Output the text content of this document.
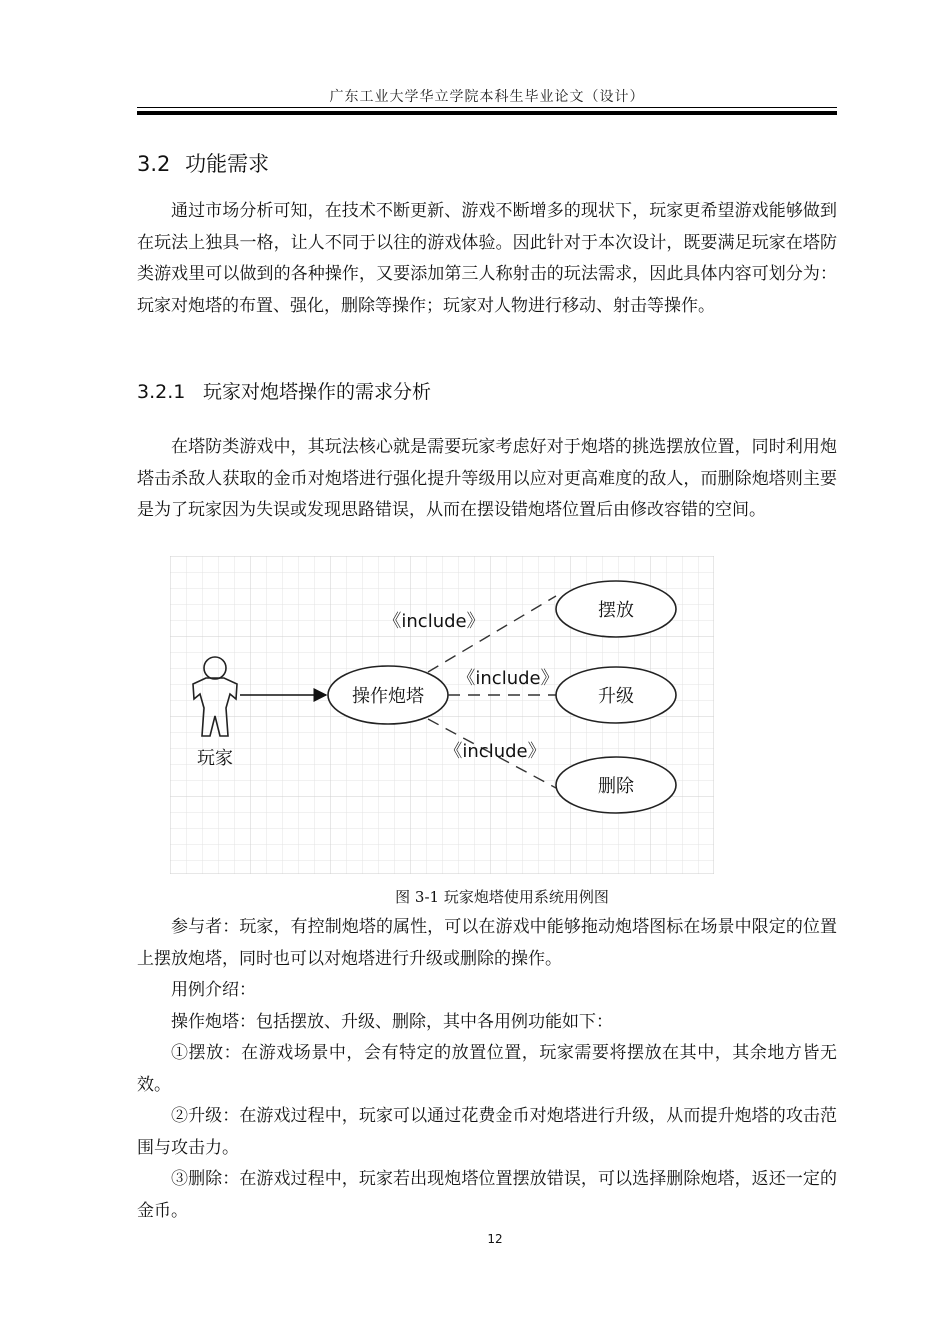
广东工业大学华立学院本科生毕业论文（设计）
3.2 功能需求

通过市场分析可知，在技术不断更新、游戏不断增多的现状下，玩家更希望游戏能够做到在玩法上独具一格，让人不同于以往的游戏体验。因此针对于本次设计，既要满足玩家在塔防类游戏里可以做到的各种操作，又要添加第三人称射击的玩法需求，因此具体内容可划分为：玩家对炮塔的布置、强化，删除等操作；玩家对人物进行移动、射击等操作。

3.2.1 玩家对炮塔操作的需求分析

在塔防类游戏中，其玩法核心就是需要玩家考虑好对于炮塔的挑选摆放位置，同时利用炮塔击杀敌人获取的金币对炮塔进行强化提升等级用以应对更高难度的敌人，而删除炮塔则主要是为了玩家因为失误或发现思路错误，从而在摆设错炮塔位置后由修改容错的空间。

玩家
操作炮塔
《include》
《include》
《include》
摆放
升级
删除
图 3-1 玩家炮塔使用系统用例图

参与者：玩家，有控制炮塔的属性，可以在游戏中能够拖动炮塔图标在场景中限定的位置上摆放炮塔，同时也可以对炮塔进行升级或删除的操作。

用例介绍：

操作炮塔：包括摆放、升级、删除，其中各用例功能如下：

①摆放：在游戏场景中，会有特定的放置位置，玩家需要将摆放在其中，其余地方皆无效。

②升级：在游戏过程中，玩家可以通过花费金币对炮塔进行升级，从而提升炮塔的攻击范围与攻击力。

③删除：在游戏过程中，玩家若出现炮塔位置摆放错误，可以选择删除炮塔，返还一定的金币。

12
